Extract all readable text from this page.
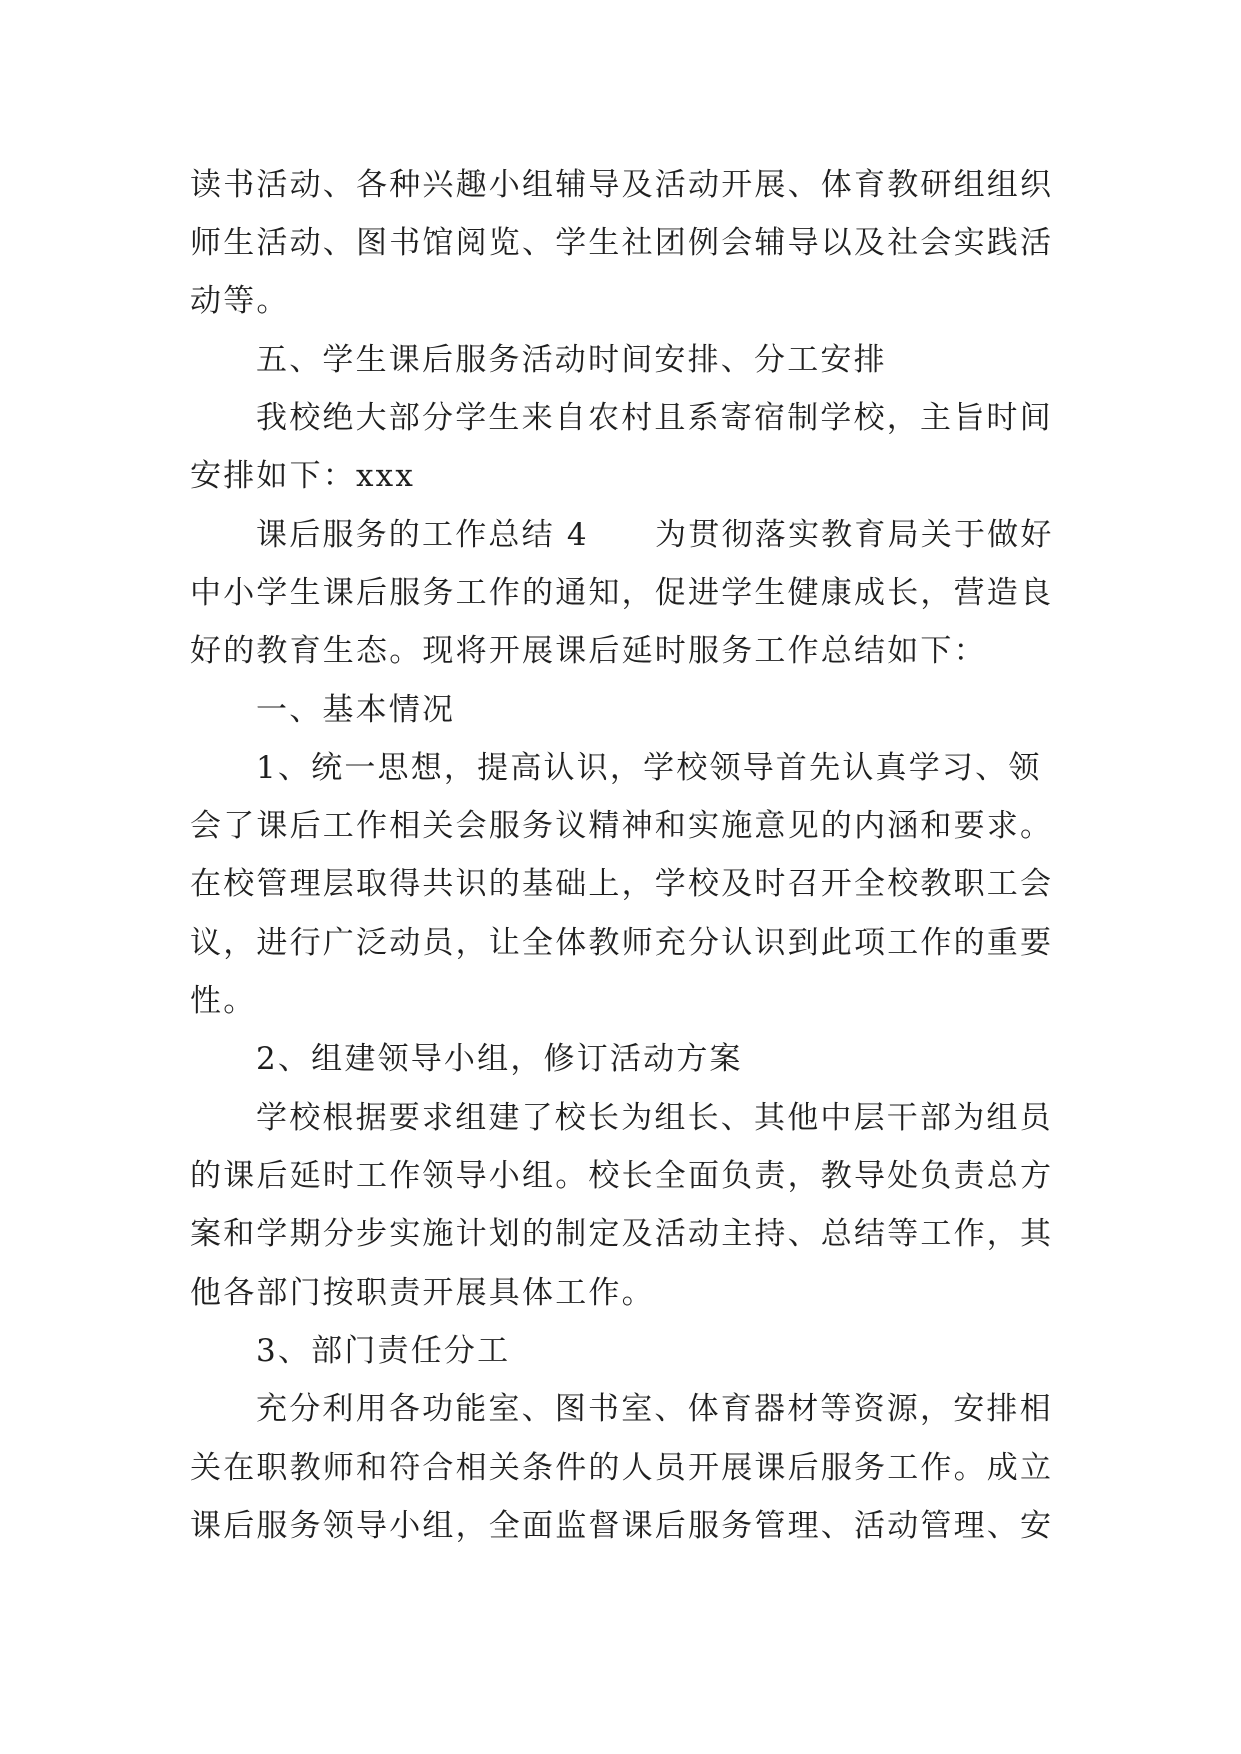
读书活动、各种兴趣小组辅导及活动开展、体育教研组组织
师生活动、图书馆阅览、学生社团例会辅导以及社会实践活
动等。
五、学生课后服务活动时间安排、分工安排
我校绝大部分学生来自农村且系寄宿制学校，主旨时间
安排如下：xxx
课后服务的工作总结 4　　为贯彻落实教育局关于做好
中小学生课后服务工作的通知，促进学生健康成长，营造良
好的教育生态。现将开展课后延时服务工作总结如下：
一、基本情况
1、统一思想，提高认识，学校领导首先认真学习、领
会了课后工作相关会服务议精神和实施意见的内涵和要求。
在校管理层取得共识的基础上，学校及时召开全校教职工会
议，进行广泛动员，让全体教师充分认识到此项工作的重要
性。
2、组建领导小组，修订活动方案
学校根据要求组建了校长为组长、其他中层干部为组员
的课后延时工作领导小组。校长全面负责，教导处负责总方
案和学期分步实施计划的制定及活动主持、总结等工作，其
他各部门按职责开展具体工作。
3、部门责任分工
充分利用各功能室、图书室、体育器材等资源，安排相
关在职教师和符合相关条件的人员开展课后服务工作。成立
课后服务领导小组，全面监督课后服务管理、活动管理、安
